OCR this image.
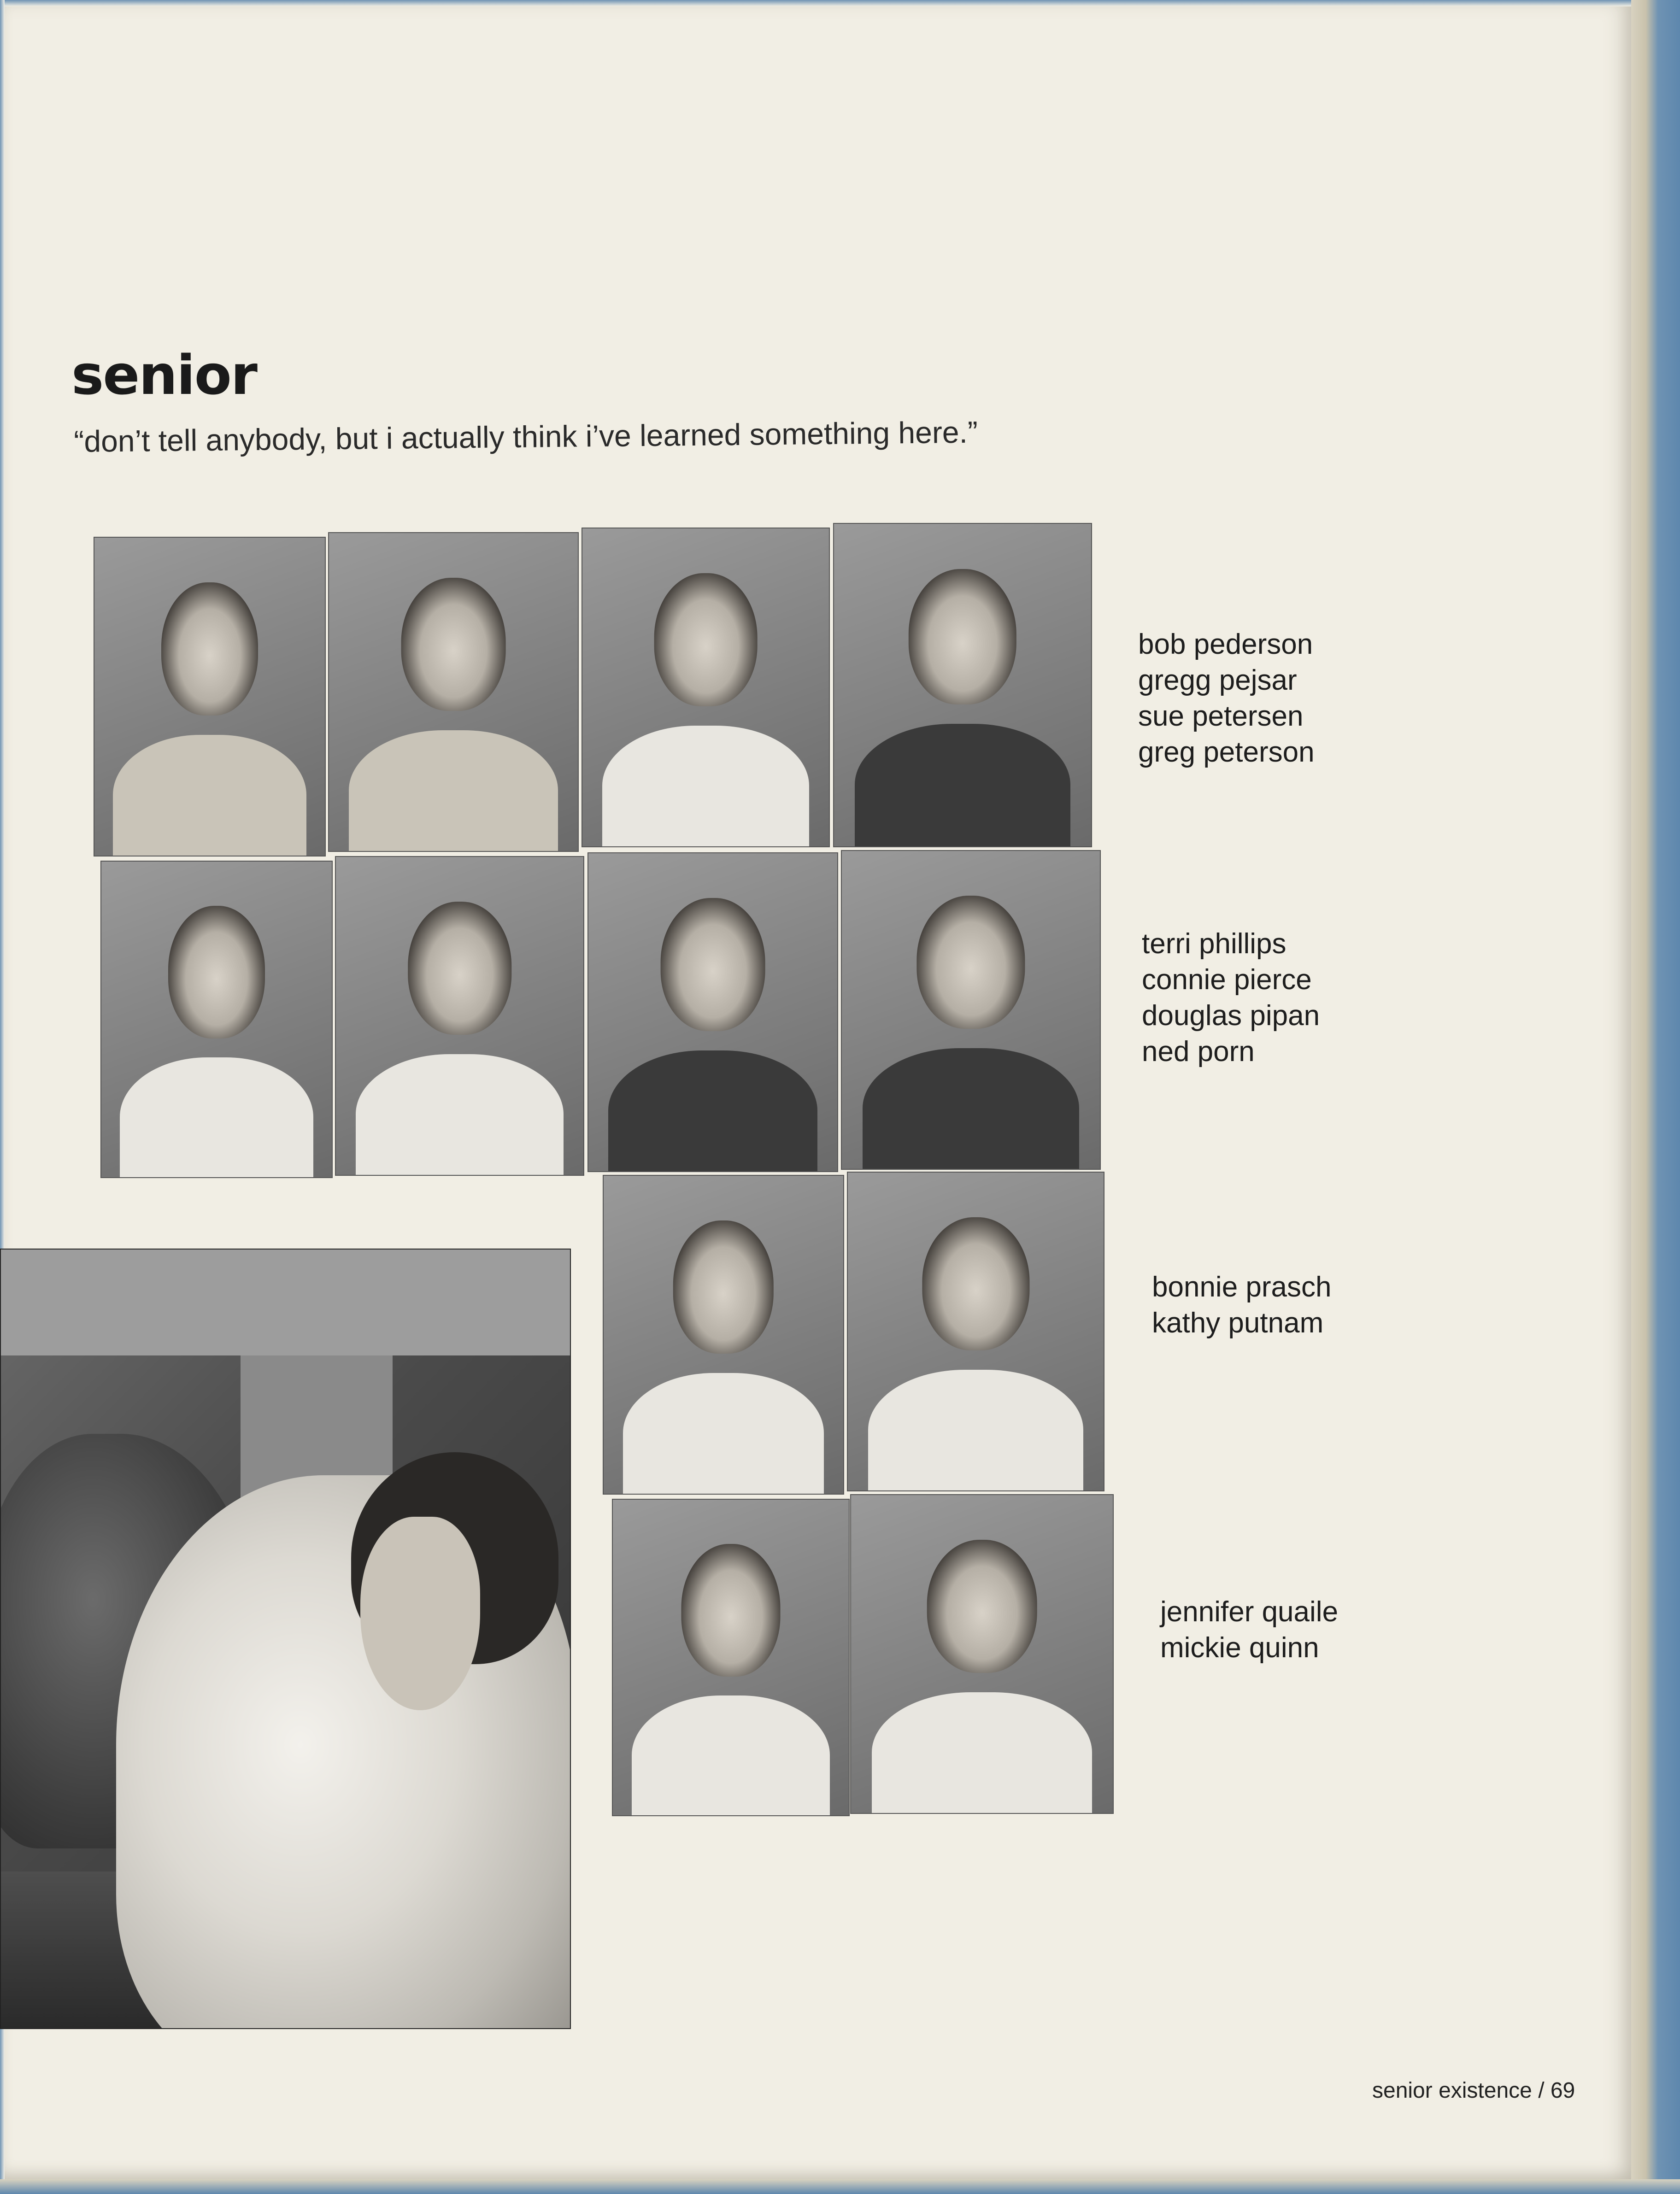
senior
“don’t tell anybody, but i actually think i’ve learned something here.”
bob pederson
gregg pejsar
sue petersen
greg peterson
terri phillips
connie pierce
douglas pipan
ned porn
bonnie prasch
kathy putnam
jennifer quaile
mickie quinn
senior existence / 69
